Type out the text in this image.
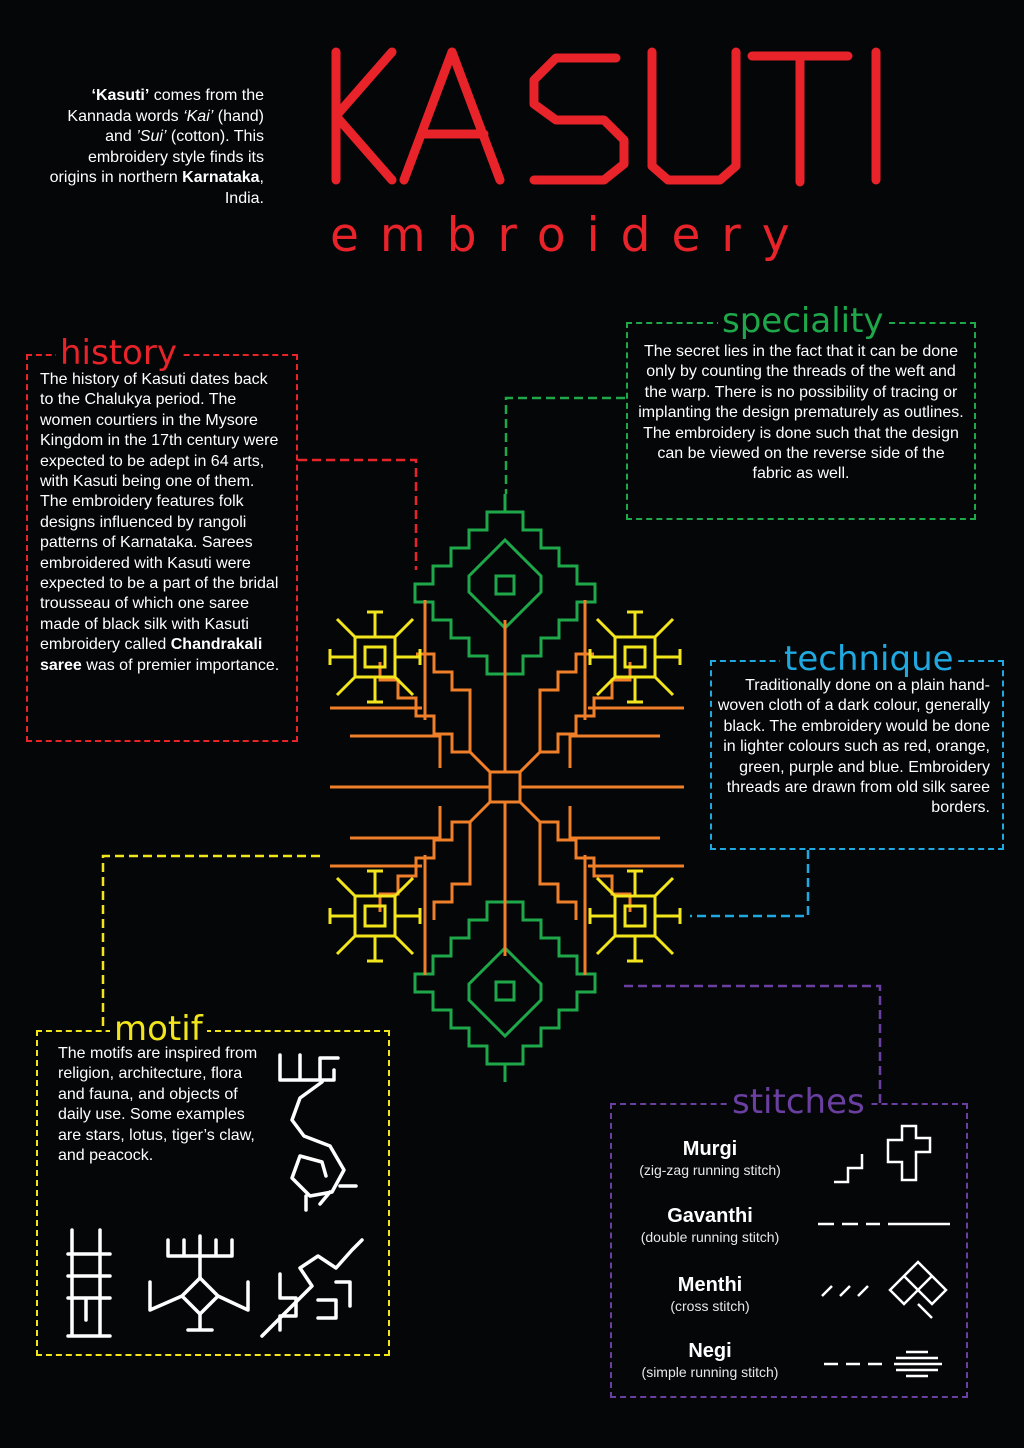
embroidery
‘Kasuti’ comes from the Kannada words ‘Kai’ (hand) and ’Sui’ (cotton). This embroidery style finds its origins in northern Karnataka, India.
history
The history of Kasuti dates back to the Chalukya period. The women courtiers in the Mysore Kingdom in the 17th century were expected to be adept in 64 arts, with Kasuti being one of them. The embroidery features folk designs influenced by rangoli patterns of Karnataka. Sarees embroidered with Kasuti were expected to be a part of the bridal trousseau of which one saree made of black silk with Kasuti embroidery called Chandrakali saree was of premier importance.
speciality
The secret lies in the fact that it can be done only by counting the threads of the weft and the warp. There is no possibility of tracing or implanting the design prematurely as outlines. The embroidery is done such that the design can be viewed on the reverse side of the fabric as well.
technique
Traditionally done on a plain hand-woven cloth of a dark colour, generally black. The embroidery would be done in lighter colours such as red, orange, green, purple and blue. Embroidery threads are drawn from old silk saree borders.
motif
The motifs are inspired from religion, architecture, flora and fauna, and objects of daily use. Some examples are stars, lotus, tiger’s claw, and peacock.
stitches
Murgi
(zig-zag running stitch)
Gavanthi
(double running stitch)
Menthi
(cross stitch)
Negi
(simple running stitch)
